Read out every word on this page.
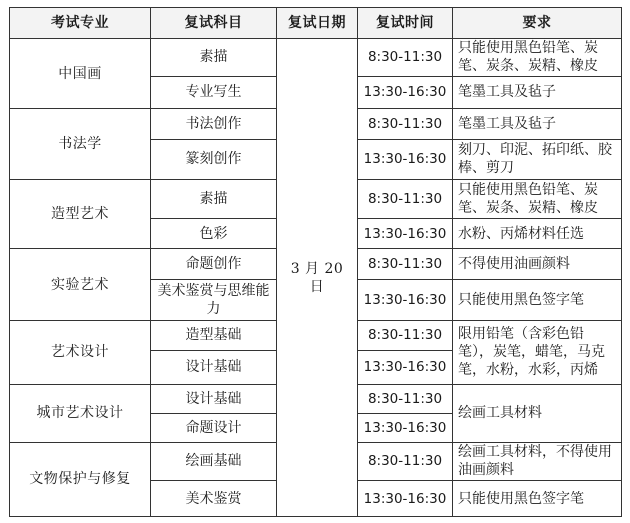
考试专业	复试科目	复试日期	复试时间	要求
中国画	素描	3 月 20 日	8:30-11:30	只能使用黑色铅笔、炭笔、炭条、炭精、橡皮
	专业写生		13:30-16:30	笔墨工具及毡子
书法学	书法创作		8:30-11:30	笔墨工具及毡子
	篆刻创作		13:30-16:30	刻刀、印泥、拓印纸、胶棒、剪刀
造型艺术	素描		8:30-11:30	只能使用黑色铅笔、炭笔、炭条、炭精、橡皮
	色彩		13:30-16:30	水粉、丙烯材料任选
实验艺术	命题创作		8:30-11:30	不得使用油画颜料
	美术鉴赏与思维能力		13:30-16:30	只能使用黑色签字笔
艺术设计	造型基础		8:30-11:30	限用铅笔（含彩色铅笔），炭笔，蜡笔，马克笔，水粉，水彩，丙烯
	设计基础		13:30-16:30	
城市艺术设计	设计基础		8:30-11:30	绘画工具材料
	命题设计		13:30-16:30	
文物保护与修复	绘画基础		8:30-11:30	绘画工具材料，不得使用油画颜料
	美术鉴赏		13:30-16:30	只能使用黑色签字笔
